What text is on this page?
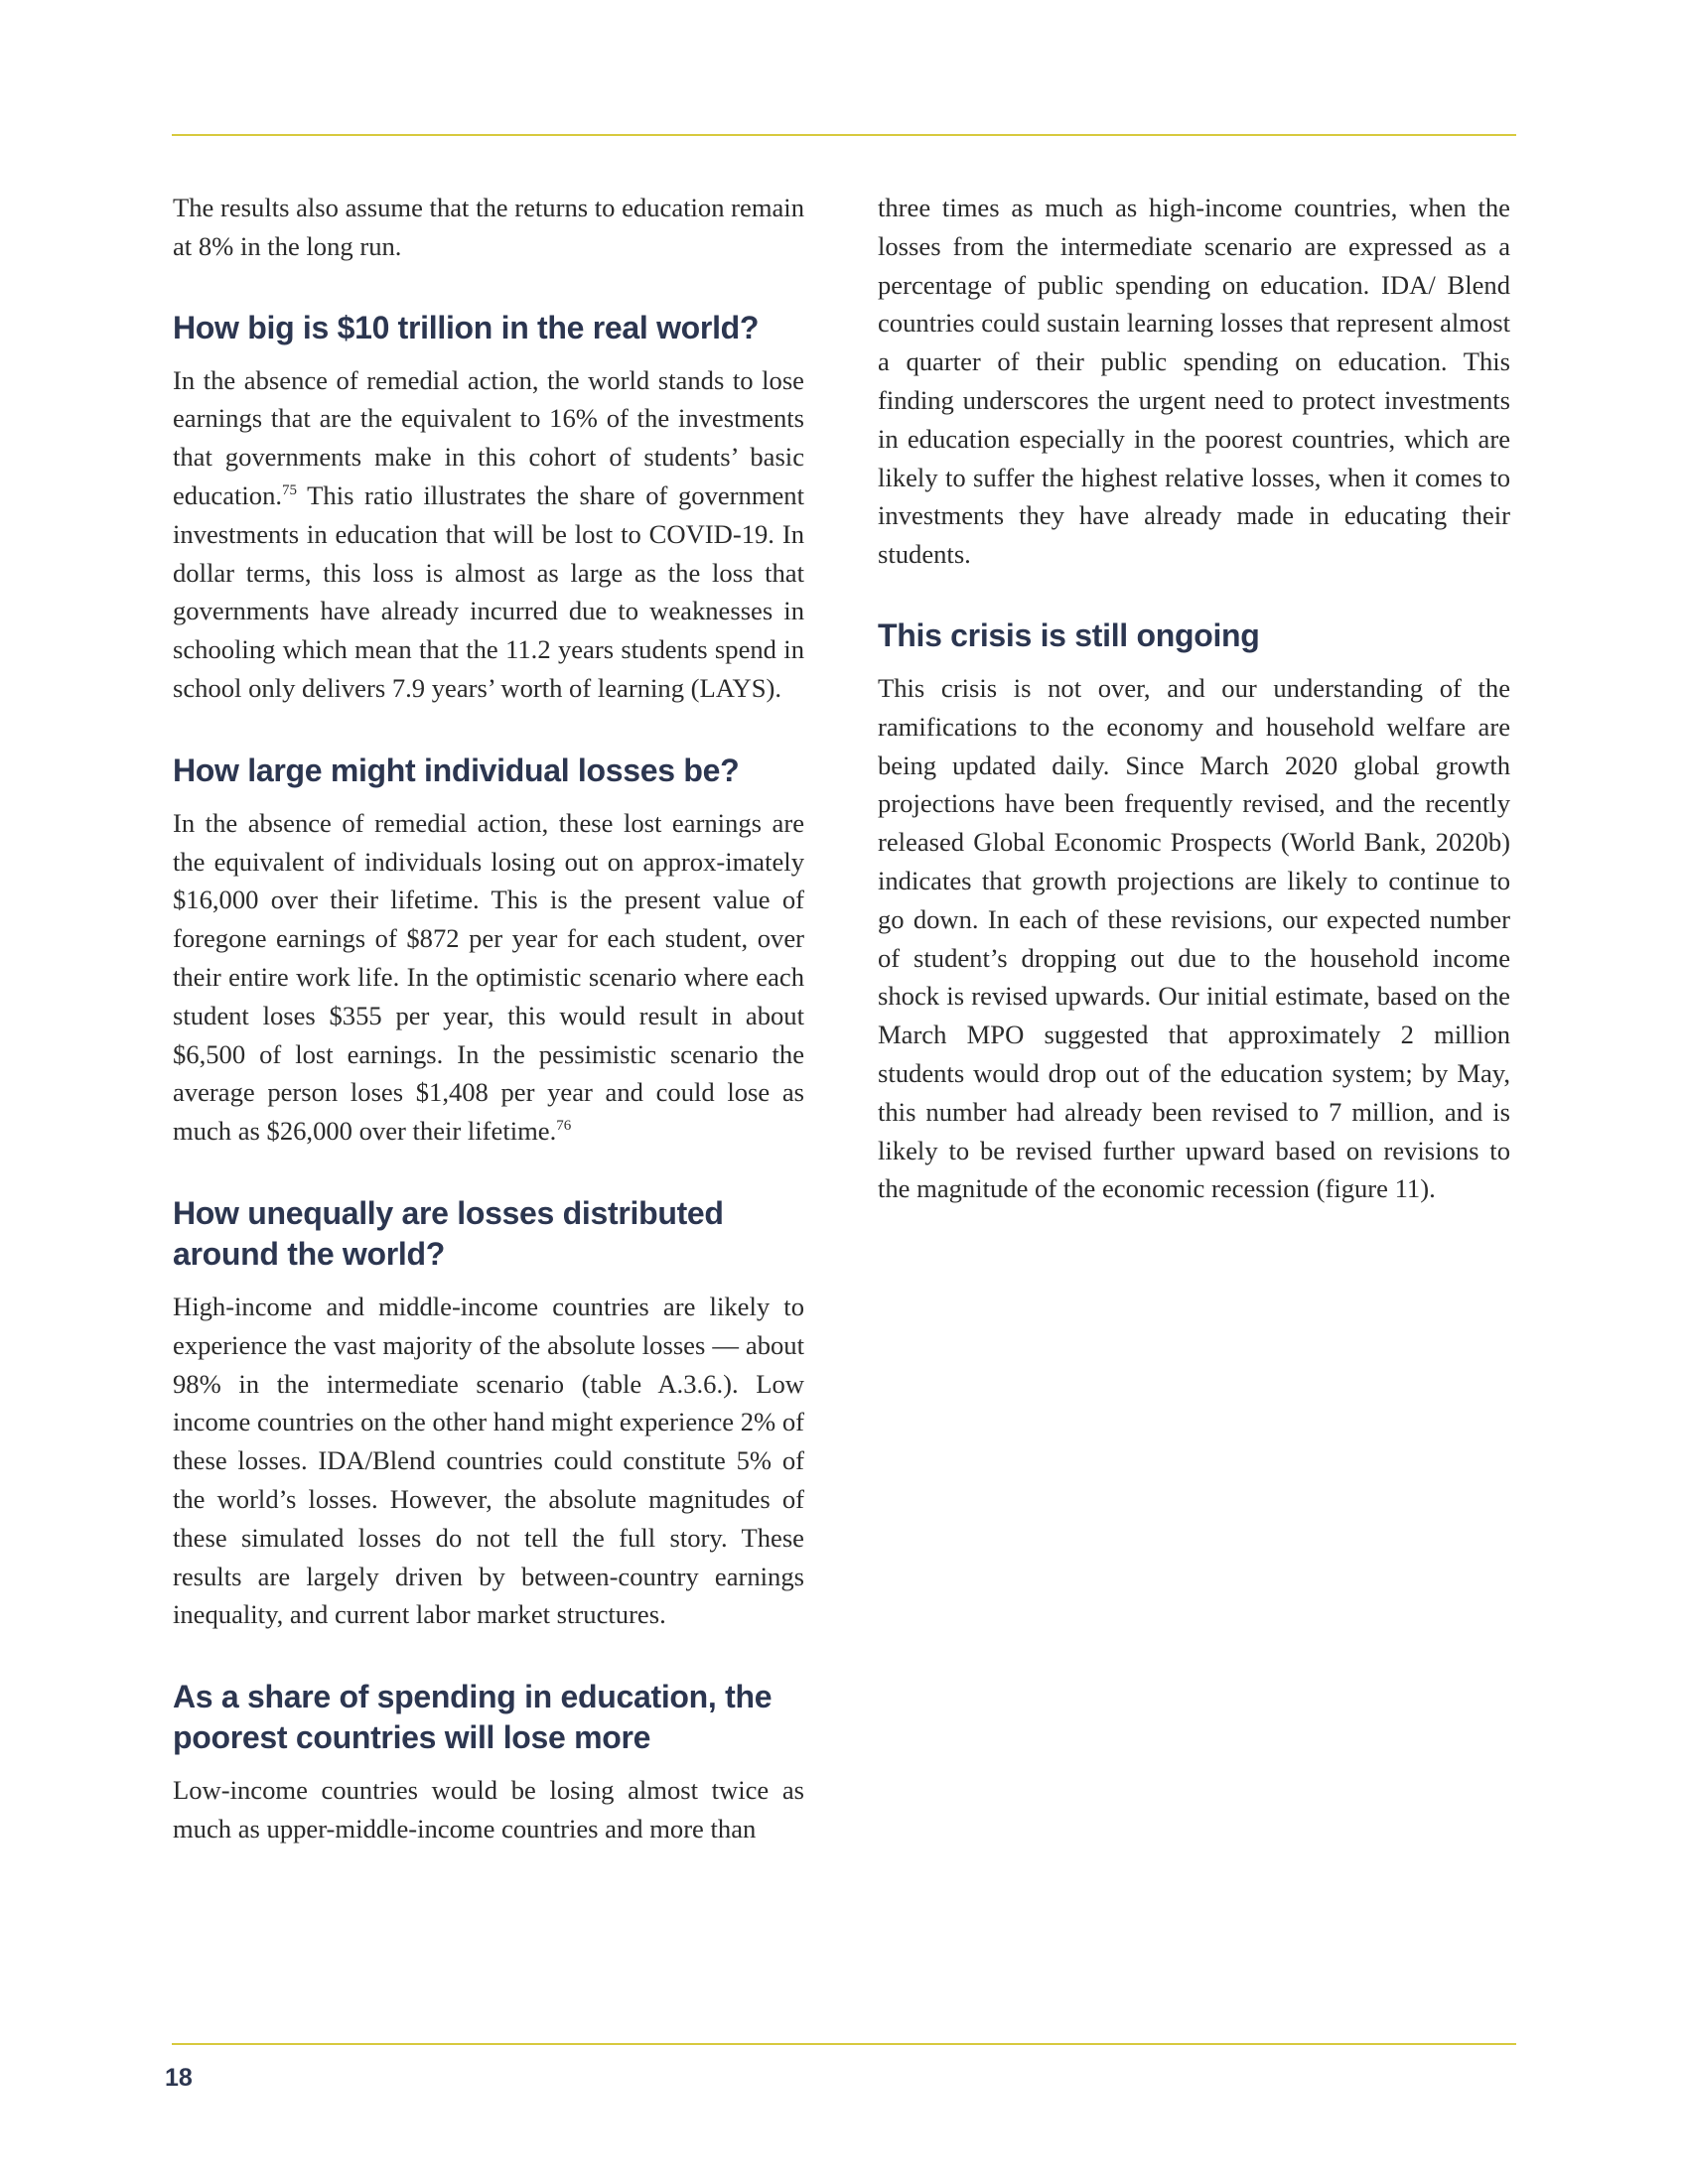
The results also assume that the returns to education remain at 8% in the long run.

How big is $10 trillion in the real world?

In the absence of remedial action, the world stands to lose earnings that are the equivalent to 16% of the investments that governments make in this cohort of students’ basic education.$^{75}$ This ratio illustrates the share of government investments in education that will be lost to COVID-19. In dollar terms, this loss is almost as large as the loss that governments have already incurred due to weaknesses in schooling which mean that the 11.2 years students spend in school only delivers 7.9 years’ worth of learning (LAYS).

How large might individual losses be?

In the absence of remedial action, these lost earnings are the equivalent of individuals losing out on approx-imately $16,000 over their lifetime. This is the present value of foregone earnings of $872 per year for each student, over their entire work life. In the optimistic scenario where each student loses $355 per year, this would result in about $6,500 of lost earnings. In the pessimistic scenario the average person loses $1,408 per year and could lose as much as $26,000 over their lifetime.$^{76}$

How unequally are losses distributed around the world?

High-income and middle-income countries are likely to experience the vast majority of the absolute losses — about 98% in the intermediate scenario (table A.3.6.). Low income countries on the other hand might experience 2% of these losses. IDA/Blend countries could constitute 5% of the world’s losses. However, the absolute magnitudes of these simulated losses do not tell the full story. These results are largely driven by between-country earnings inequality, and current labor market structures.

As a share of spending in education, the poorest countries will lose more

Low-income countries would be losing almost twice as much as upper-middle-income countries and more than

three times as much as high-income countries, when the losses from the intermediate scenario are expressed as a percentage of public spending on education. IDA/ Blend countries could sustain learning losses that represent almost a quarter of their public spending on education. This finding underscores the urgent need to protect investments in education especially in the poorest countries, which are likely to suffer the highest relative losses, when it comes to investments they have already made in educating their students.

This crisis is still ongoing

This crisis is not over, and our understanding of the ramifications to the economy and household welfare are being updated daily. Since March 2020 global growth projections have been frequently revised, and the recently released Global Economic Prospects (World Bank, 2020b) indicates that growth projections are likely to continue to go down. In each of these revisions, our expected number of student’s dropping out due to the household income shock is revised upwards. Our initial estimate, based on the March MPO suggested that approximately 2 million students would drop out of the education system; by May, this number had already been revised to 7 million, and is likely to be revised further upward based on revisions to the magnitude of the economic recession (figure 11).

18
